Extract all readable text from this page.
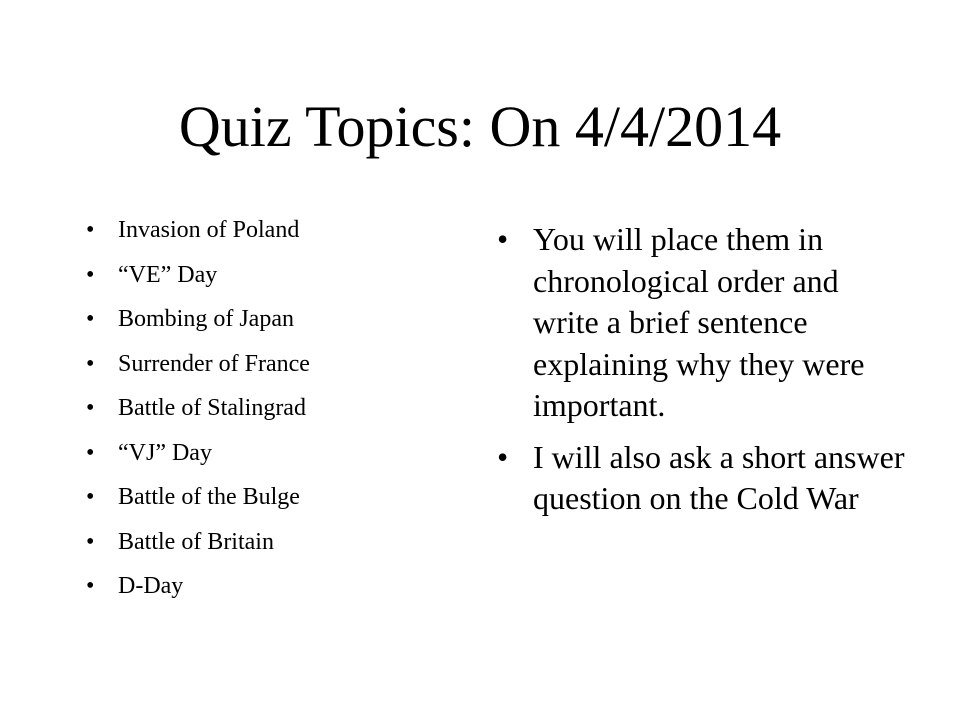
Quiz Topics: On 4/4/2014
• Invasion of Poland
• “VE” Day
• Bombing of Japan
• Surrender of France
• Battle of Stalingrad
• “VJ” Day
• Battle of the Bulge
• Battle of Britain
• D-Day
• You will place them in chronological order and write a brief sentence explaining why they were important.
• I will also ask a short answer question on the Cold War
